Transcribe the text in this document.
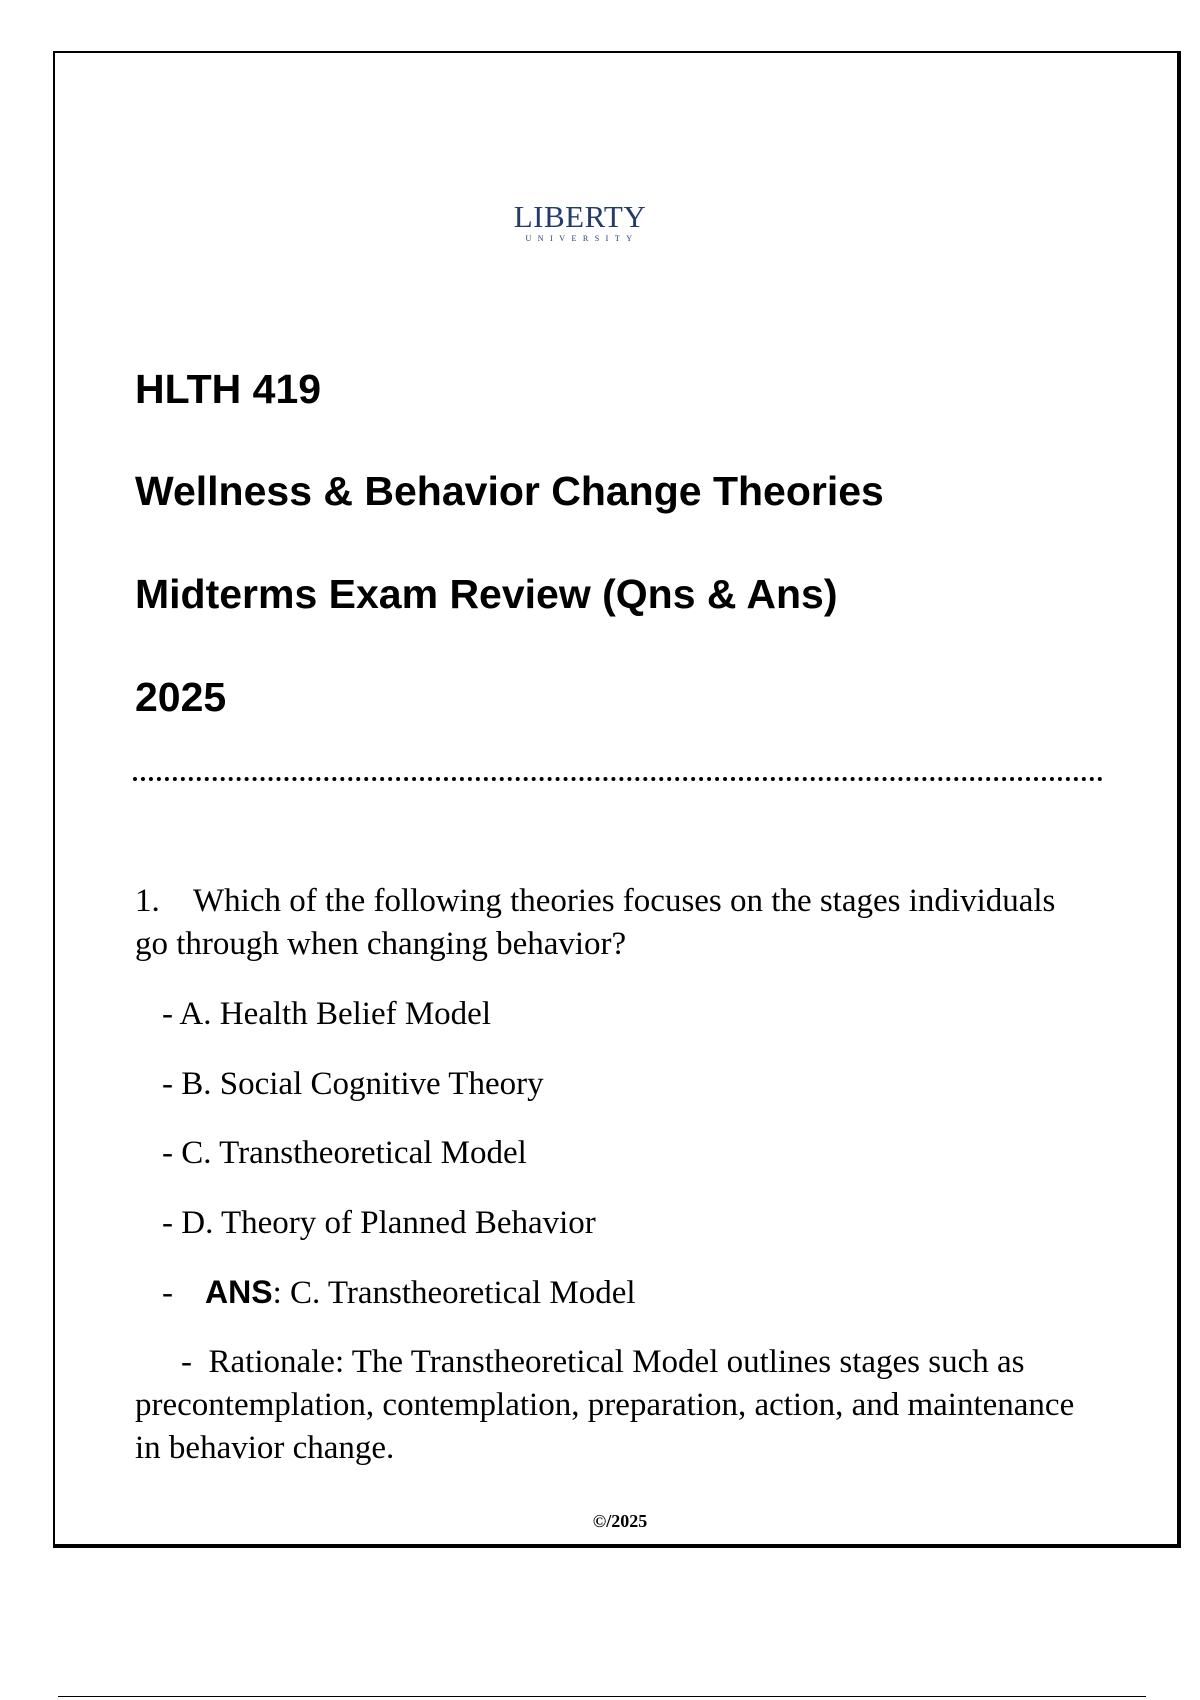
LIBERTY
UNIVERSITY
HLTH 419
Wellness & Behavior Change Theories
Midterms Exam Review (Qns & Ans)
2025

1. Which of the following theories focuses on the stages individuals go through when changing behavior?

- A. Health Belief Model

- B. Social Cognitive Theory

- C. Transtheoretical Model

- D. Theory of Planned Behavior

- ANS: C. Transtheoretical Model

- Rationale: The Transtheoretical Model outlines stages such as precontemplation, contemplation, preparation, action, and maintenance in behavior change.

©/2025
